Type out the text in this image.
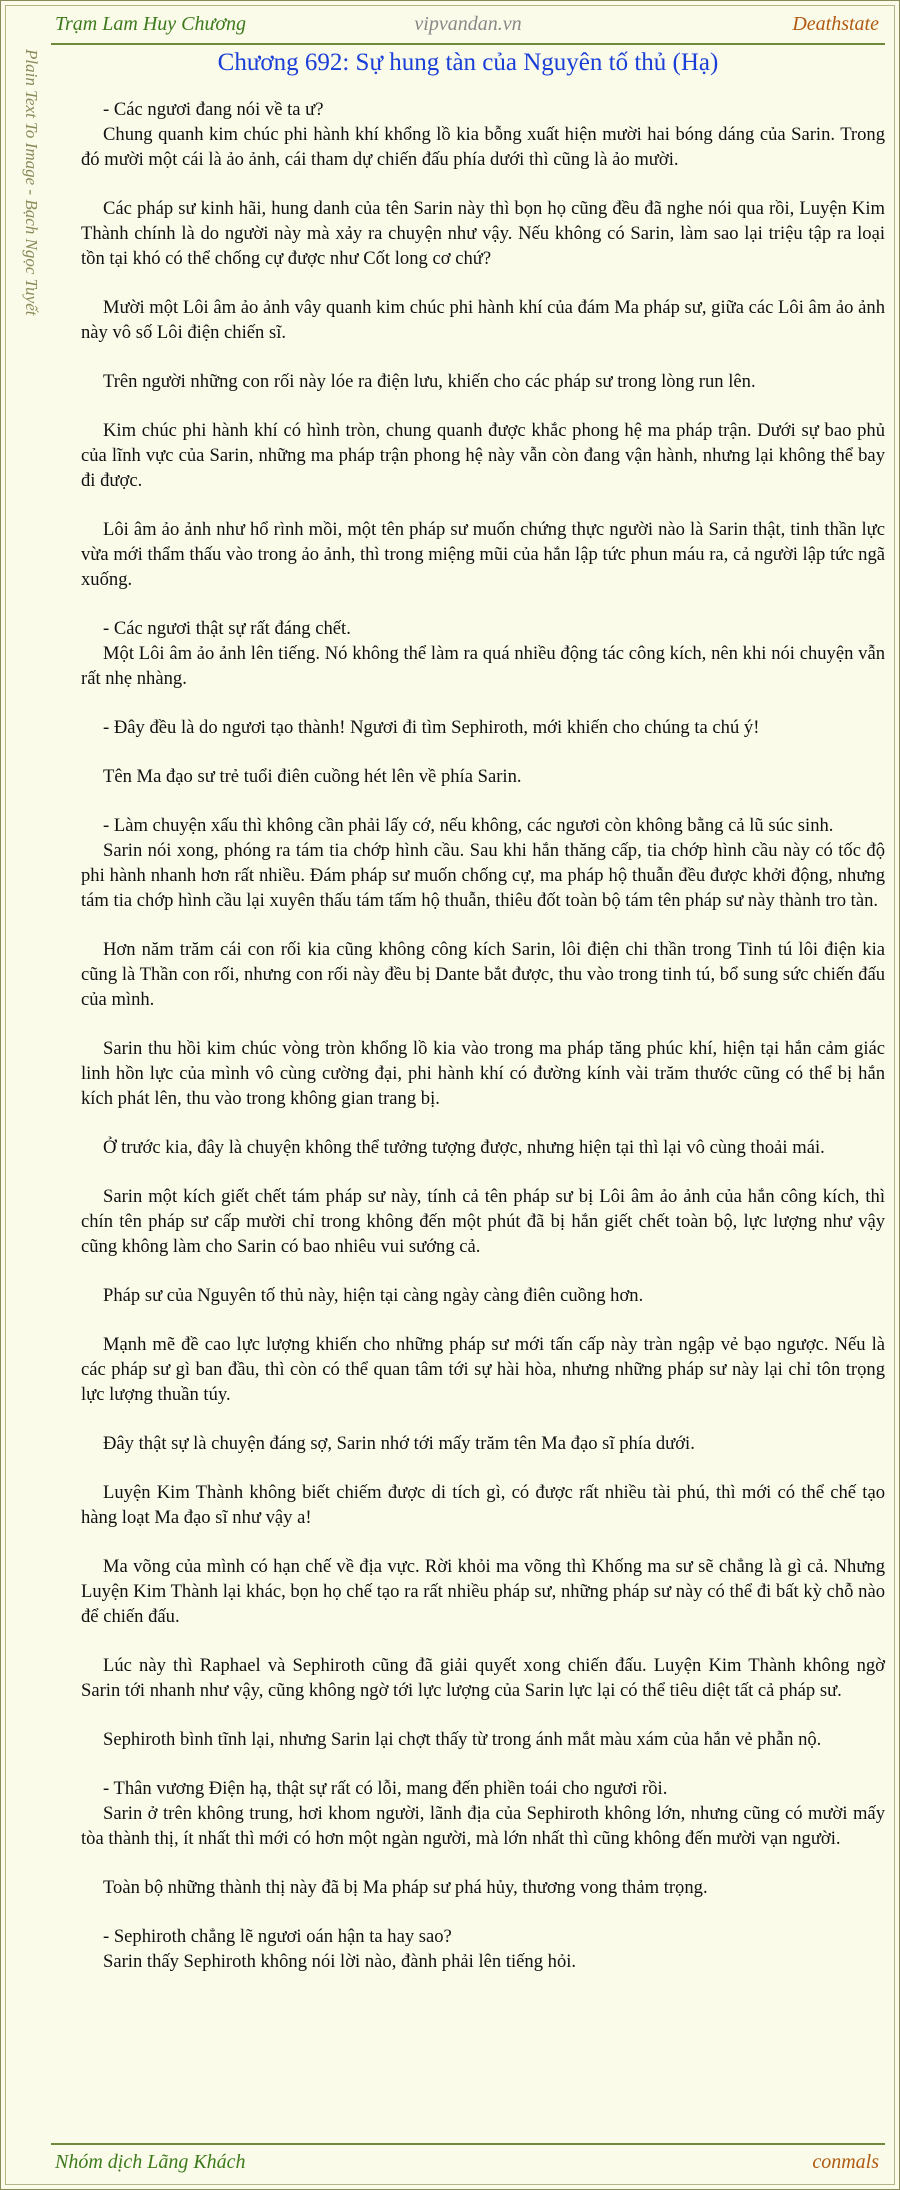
Trạm Lam Huy Chương	vipvandan.vn	Deathstate
Plain Text To Image - Bạch Ngọc Tuyết	Chương 692: Sự hung tàn của Nguyên tố thủ (Hạ)

- Các ngươi đang nói về ta ư?

Chung quanh kim chúc phi hành khí khổng lồ kia bỗng xuất hiện mười hai bóng dáng của Sarin. Trong đó mười một cái là ảo ảnh, cái tham dự chiến đấu phía dưới thì cũng là ảo mười.

Các pháp sư kinh hãi, hung danh của tên Sarin này thì bọn họ cũng đều đã nghe nói qua rồi, Luyện Kim Thành chính là do người này mà xảy ra chuyện như vậy. Nếu không có Sarin, làm sao lại triệu tập ra loại tồn tại khó có thể chống cự được như Cốt long cơ chứ?

Mười một Lôi âm ảo ảnh vây quanh kim chúc phi hành khí của đám Ma pháp sư, giữa các Lôi âm ảo ảnh này vô số Lôi điện chiến sĩ.

Trên người những con rối này lóe ra điện lưu, khiến cho các pháp sư trong lòng run lên.

Kim chúc phi hành khí có hình tròn, chung quanh được khắc phong hệ ma pháp trận. Dưới sự bao phủ của lĩnh vực của Sarin, những ma pháp trận phong hệ này vẫn còn đang vận hành, nhưng lại không thể bay đi được.

Lôi âm ảo ảnh như hổ rình mồi, một tên pháp sư muốn chứng thực người nào là Sarin thật, tinh thần lực vừa mới thẩm thấu vào trong ảo ảnh, thì trong miệng mũi của hắn lập tức phun máu ra, cả người lập tức ngã xuống.

- Các ngươi thật sự rất đáng chết.

Một Lôi âm ảo ảnh lên tiếng. Nó không thể làm ra quá nhiều động tác công kích, nên khi nói chuyện vẫn rất nhẹ nhàng.

- Đây đều là do ngươi tạo thành! Ngươi đi tìm Sephiroth, mới khiến cho chúng ta chú ý!

Tên Ma đạo sư trẻ tuổi điên cuồng hét lên về phía Sarin.

- Làm chuyện xấu thì không cần phải lấy cớ, nếu không, các ngươi còn không bằng cả lũ súc sinh.

Sarin nói xong, phóng ra tám tia chớp hình cầu. Sau khi hắn thăng cấp, tia chớp hình cầu này có tốc độ phi hành nhanh hơn rất nhiều. Đám pháp sư muốn chống cự, ma pháp hộ thuẫn đều được khởi động, nhưng tám tia chớp hình cầu lại xuyên thấu tám tấm hộ thuẫn, thiêu đốt toàn bộ tám tên pháp sư này thành tro tàn.

Hơn năm trăm cái con rối kia cũng không công kích Sarin, lôi điện chi thần trong Tinh tú lôi điện kia cũng là Thần con rối, nhưng con rối này đều bị Dante bắt được, thu vào trong tinh tú, bổ sung sức chiến đấu của mình.

Sarin thu hồi kim chúc vòng tròn khổng lồ kia vào trong ma pháp tăng phúc khí, hiện tại hắn cảm giác linh hồn lực của mình vô cùng cường đại, phi hành khí có đường kính vài trăm thước cũng có thể bị hắn kích phát lên, thu vào trong không gian trang bị.

Ở trước kia, đây là chuyện không thể tưởng tượng được, nhưng hiện tại thì lại vô cùng thoải mái.

Sarin một kích giết chết tám pháp sư này, tính cả tên pháp sư bị Lôi âm ảo ảnh của hắn công kích, thì chín tên pháp sư cấp mười chỉ trong không đến một phút đã bị hắn giết chết toàn bộ, lực lượng như vậy cũng không làm cho Sarin có bao nhiêu vui sướng cả.

Pháp sư của Nguyên tố thủ này, hiện tại càng ngày càng điên cuồng hơn.

Mạnh mẽ đề cao lực lượng khiến cho những pháp sư mới tấn cấp này tràn ngập vẻ bạo ngược. Nếu là các pháp sư gì ban đầu, thì còn có thể quan tâm tới sự hài hòa, nhưng những pháp sư này lại chỉ tôn trọng lực lượng thuần túy.

Đây thật sự là chuyện đáng sợ, Sarin nhớ tới mấy trăm tên Ma đạo sĩ phía dưới.

Luyện Kim Thành không biết chiếm được di tích gì, có được rất nhiều tài phú, thì mới có thể chế tạo hàng loạt Ma đạo sĩ như vậy a!

Ma võng của mình có hạn chế về địa vực. Rời khỏi ma võng thì Khống ma sư sẽ chẳng là gì cả. Nhưng Luyện Kim Thành lại khác, bọn họ chế tạo ra rất nhiều pháp sư, những pháp sư này có thể đi bất kỳ chỗ nào để chiến đấu.

Lúc này thì Raphael và Sephiroth cũng đã giải quyết xong chiến đấu. Luyện Kim Thành không ngờ Sarin tới nhanh như vậy, cũng không ngờ tới lực lượng của Sarin lực lại có thể tiêu diệt tất cả pháp sư.

Sephiroth bình tĩnh lại, nhưng Sarin lại chợt thấy từ trong ánh mắt màu xám của hắn vẻ phẫn nộ.

- Thân vương Điện hạ, thật sự rất có lỗi, mang đến phiền toái cho ngươi rồi.

Sarin ở trên không trung, hơi khom người, lãnh địa của Sephiroth không lớn, nhưng cũng có mười mấy tòa thành thị, ít nhất thì mới có hơn một ngàn người, mà lớn nhất thì cũng không đến mười vạn người.

Toàn bộ những thành thị này đã bị Ma pháp sư phá hủy, thương vong thảm trọng.

- Sephiroth chẳng lẽ ngươi oán hận ta hay sao?

Sarin thấy Sephiroth không nói lời nào, đành phải lên tiếng hỏi.

Nhóm dịch Lãng Khách	conmals
